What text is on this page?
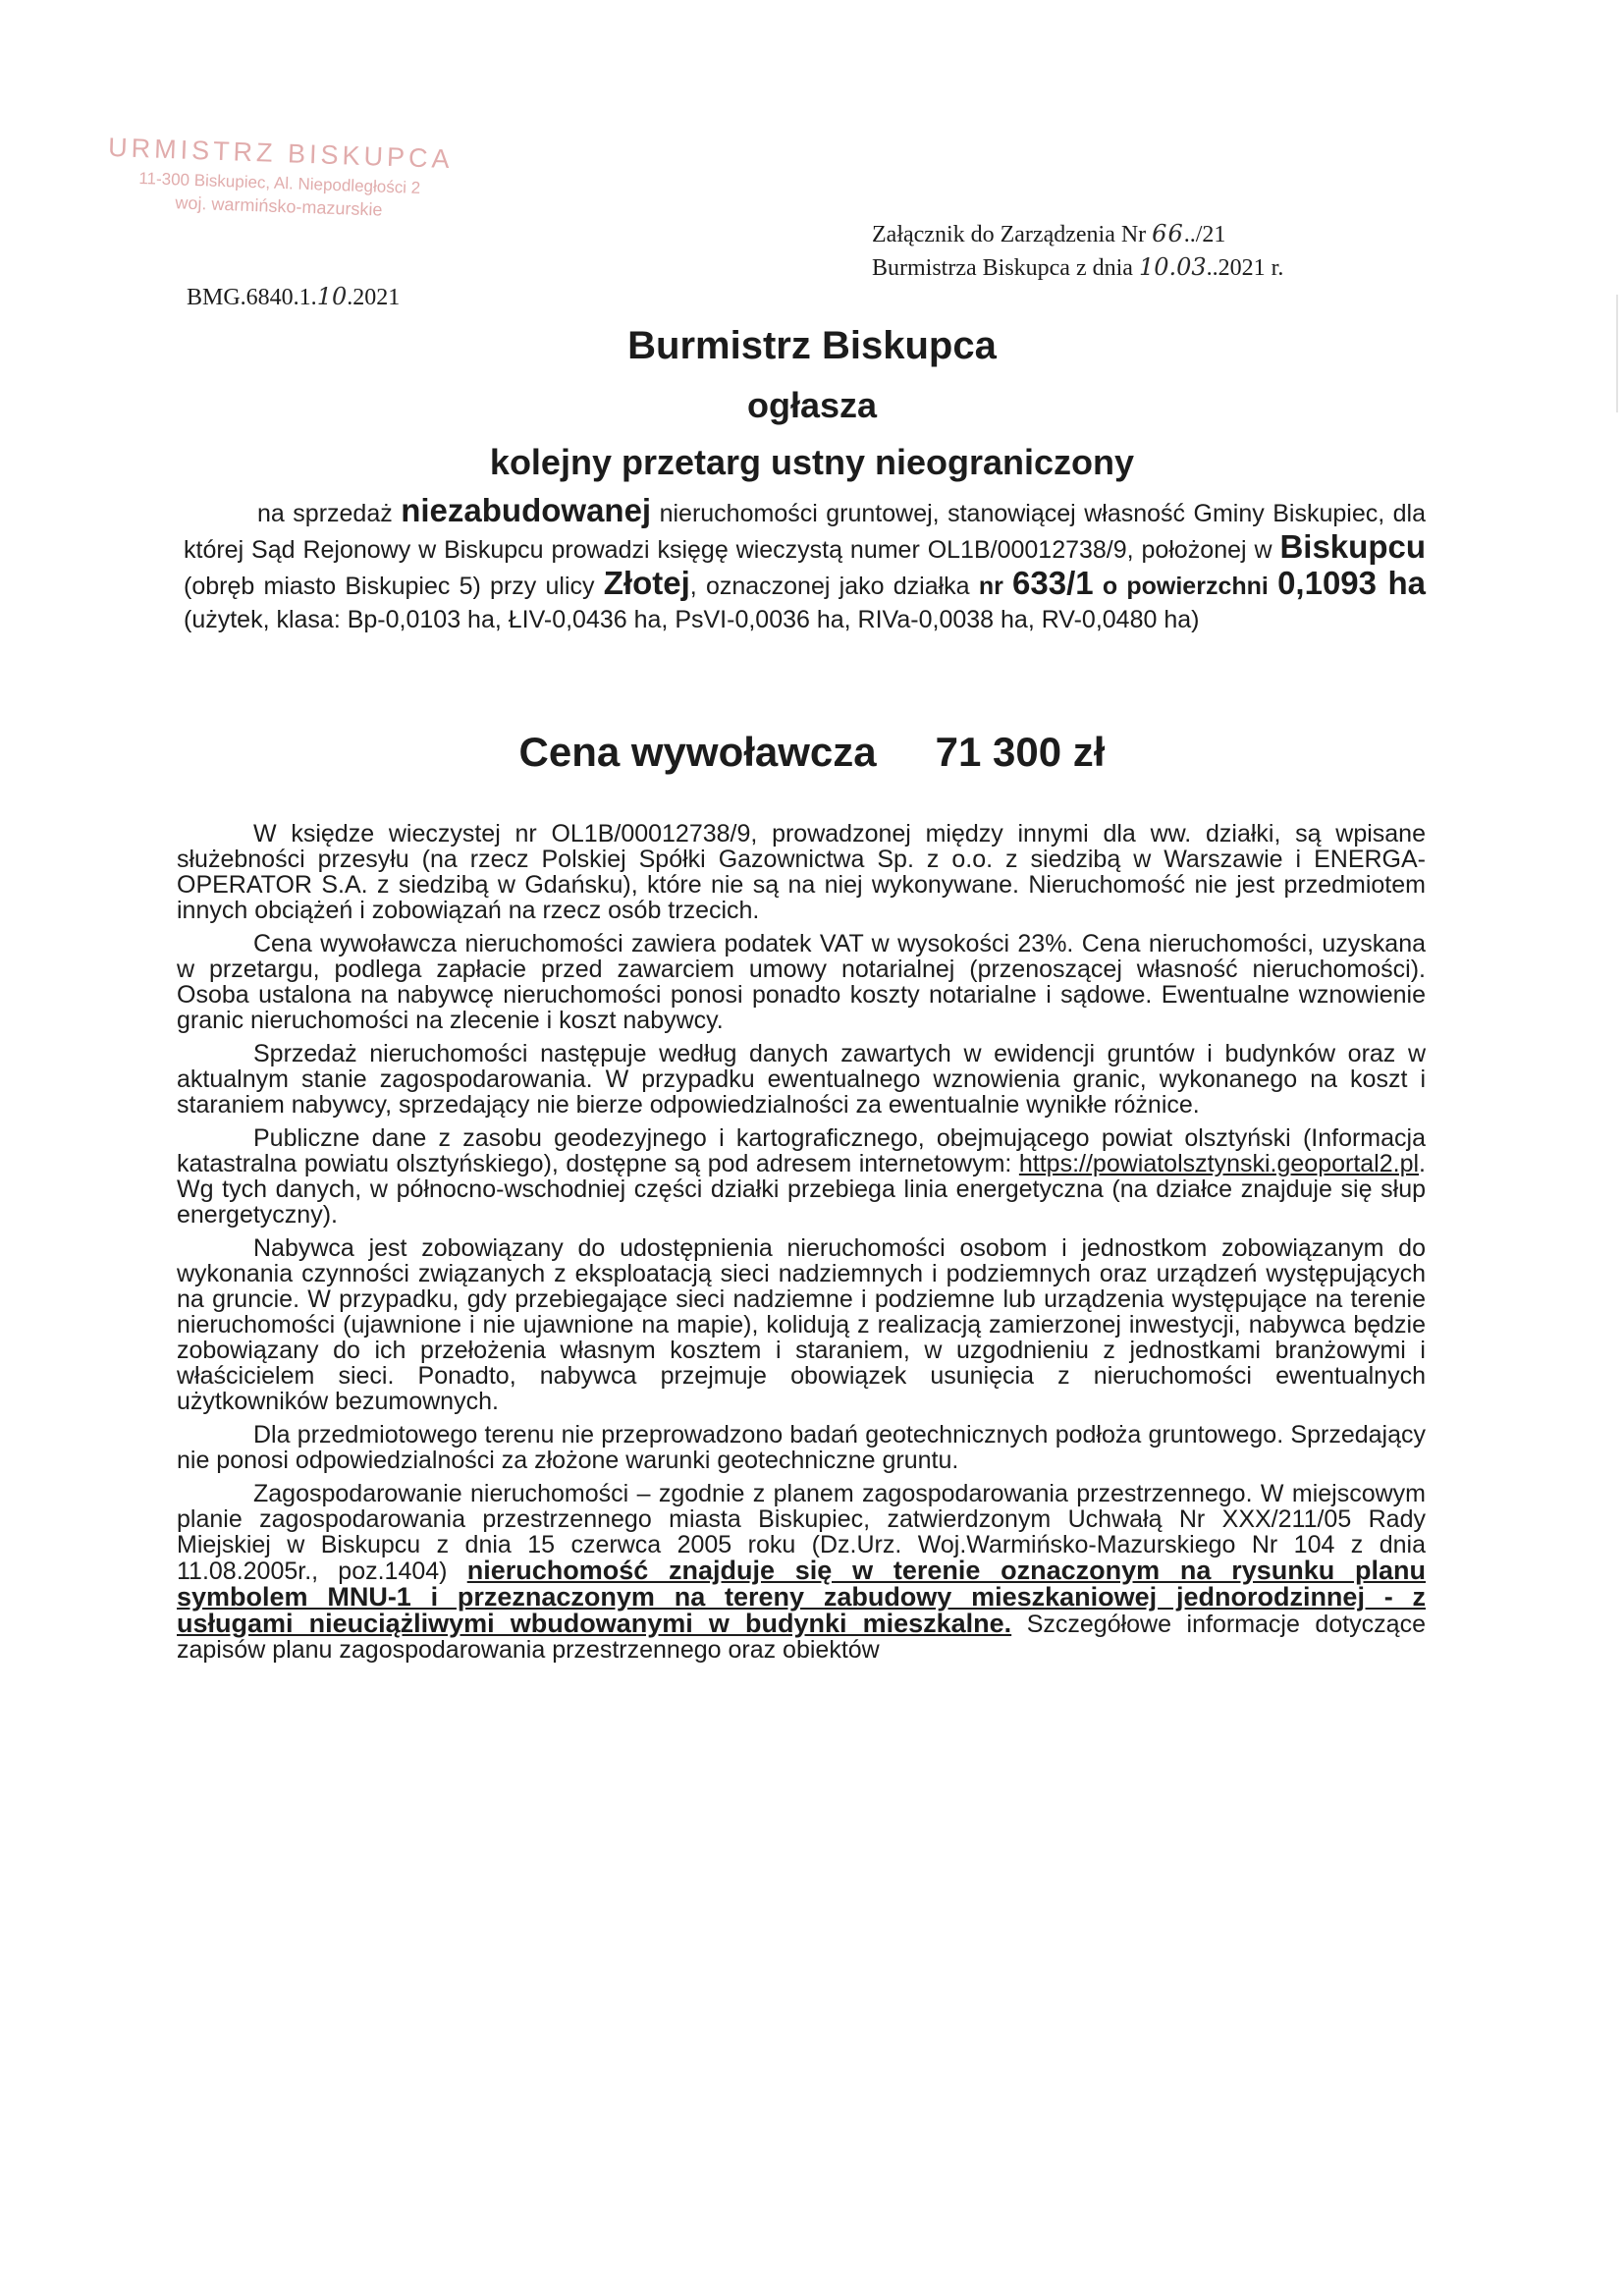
URMISTRZ BISKUPCA
11-300 Biskupiec, Al. Niepodległości 2
woj. warmińsko-mazurskie
BMG.6840.1.10.2021
Załącznik do Zarządzenia Nr 66../21
Burmistrza Biskupca z dnia 10.03..2021 r.
Burmistrz Biskupca
ogłasza
kolejny przetarg ustny nieograniczony
na sprzedaż niezabudowanej nieruchomości gruntowej, stanowiącej własność Gminy Biskupiec, dla której Sąd Rejonowy w Biskupcu prowadzi księgę wieczystą numer OL1B/00012738/9, położonej w Biskupcu (obręb miasto Biskupiec 5) przy ulicy Złotej, oznaczonej jako działka nr 633/1 o powierzchni 0,1093 ha (użytek, klasa: Bp-0,0103 ha, ŁIV-0,0436 ha, PsVI-0,0036 ha, RIVa-0,0038 ha, RV-0,0480 ha)
Cena wywoławcza 71 300 zł

W księdze wieczystej nr OL1B/00012738/9, prowadzonej między innymi dla ww. działki, są wpisane służebności przesyłu (na rzecz Polskiej Spółki Gazownictwa Sp. z o.o. z siedzibą w Warszawie i ENERGA-OPERATOR S.A. z siedzibą w Gdańsku), które nie są na niej wykonywane. Nieruchomość nie jest przedmiotem innych obciążeń i zobowiązań na rzecz osób trzecich.

Cena wywoławcza nieruchomości zawiera podatek VAT w wysokości 23%. Cena nieruchomości, uzyskana w przetargu, podlega zapłacie przed zawarciem umowy notarialnej (przenoszącej własność nieruchomości). Osoba ustalona na nabywcę nieruchomości ponosi ponadto koszty notarialne i sądowe. Ewentualne wznowienie granic nieruchomości na zlecenie i koszt nabywcy.

Sprzedaż nieruchomości następuje według danych zawartych w ewidencji gruntów i budynków oraz w aktualnym stanie zagospodarowania. W przypadku ewentualnego wznowienia granic, wykonanego na koszt i staraniem nabywcy, sprzedający nie bierze odpowiedzialności za ewentualnie wynikłe różnice.

Publiczne dane z zasobu geodezyjnego i kartograficznego, obejmującego powiat olsztyński (Informacja katastralna powiatu olsztyńskiego), dostępne są pod adresem internetowym: https://powiatolsztynski.geoportal2.pl. Wg tych danych, w północno-wschodniej części działki przebiega linia energetyczna (na działce znajduje się słup energetyczny).

Nabywca jest zobowiązany do udostępnienia nieruchomości osobom i jednostkom zobowiązanym do wykonania czynności związanych z eksploatacją sieci nadziemnych i podziemnych oraz urządzeń występujących na gruncie. W przypadku, gdy przebiegające sieci nadziemne i podziemne lub urządzenia występujące na terenie nieruchomości (ujawnione i nie ujawnione na mapie), kolidują z realizacją zamierzonej inwestycji, nabywca będzie zobowiązany do ich przełożenia własnym kosztem i staraniem, w uzgodnieniu z jednostkami branżowymi i właścicielem sieci. Ponadto, nabywca przejmuje obowiązek usunięcia z nieruchomości ewentualnych użytkowników bezumownych.

Dla przedmiotowego terenu nie przeprowadzono badań geotechnicznych podłoża gruntowego. Sprzedający nie ponosi odpowiedzialności za złożone warunki geotechniczne gruntu.

Zagospodarowanie nieruchomości – zgodnie z planem zagospodarowania przestrzennego. W miejscowym planie zagospodarowania przestrzennego miasta Biskupiec, zatwierdzonym Uchwałą Nr XXX/211/05 Rady Miejskiej w Biskupcu z dnia 15 czerwca 2005 roku (Dz.Urz. Woj.Warmińsko-Mazurskiego Nr 104 z dnia 11.08.2005r., poz.1404) nieruchomość znajduje się w terenie oznaczonym na rysunku planu symbolem MNU-1 i przeznaczonym na tereny zabudowy mieszkaniowej jednorodzinnej - z usługami nieuciążliwymi wbudowanymi w budynki mieszkalne. Szczegółowe informacje dotyczące zapisów planu zagospodarowania przestrzennego oraz obiektów
